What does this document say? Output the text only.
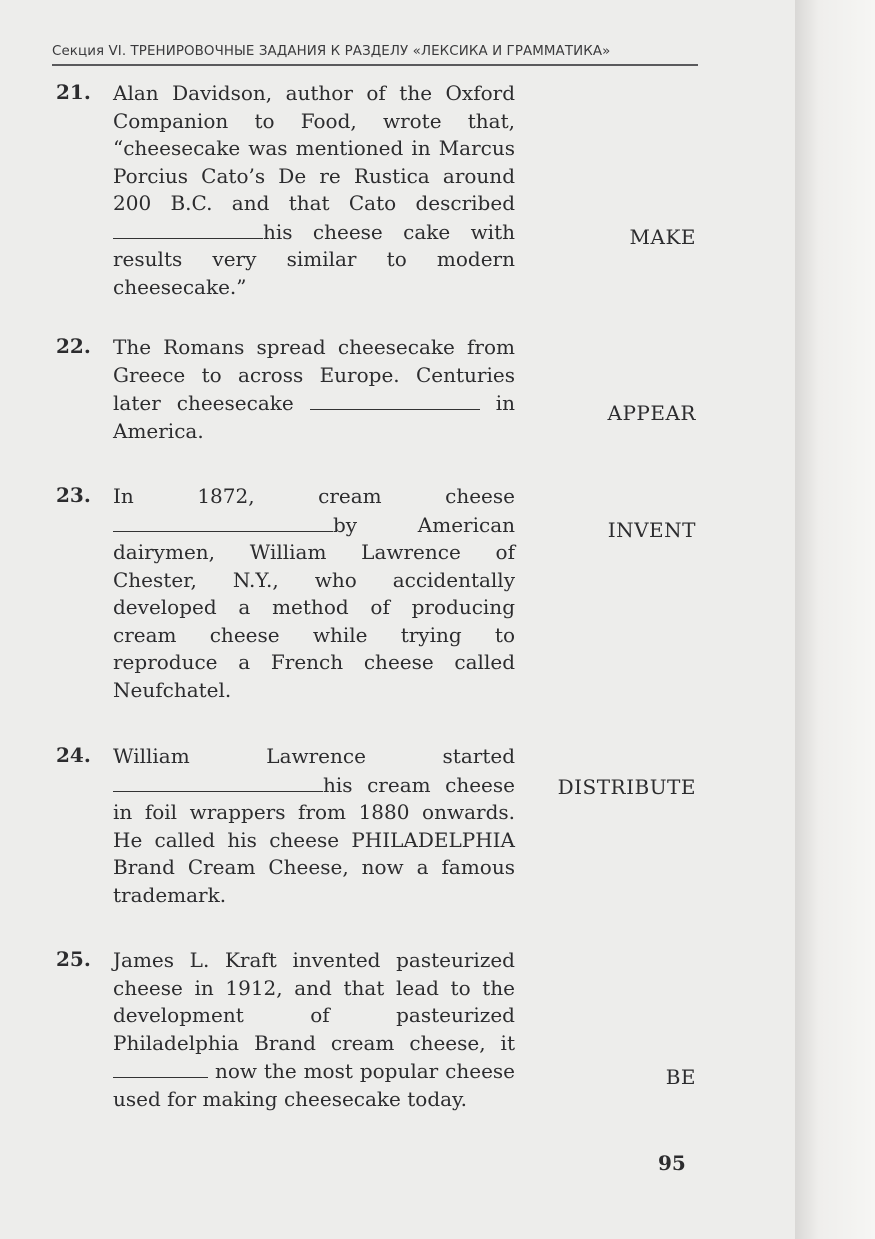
Секция VI. ТРЕНИРОВОЧНЫЕ ЗАДАНИЯ К РАЗДЕЛУ «ЛЕКСИКА И ГРАММАТИКА»
21. Alan Davidson, author of the Oxford Companion to Food, wrote that, “cheesecake was mentioned in Marcus Porcius Cato’s De re Rustica around 200 B.C. and that Cato described his cheese cake with results very similar to modern cheesecake.”
MAKE
22. The Romans spread cheesecake from Greece to across Europe. Centuries later cheesecake	in America.
APPEAR
23. In 1872, cream cheese by American dairymen, William Lawrence of Chester, N.Y., who accidentally developed a method of producing cream cheese while trying to reproduce a French cheese called Neufchatel.
INVENT
24. William Lawrence started his cream cheese in foil wrappers from 1880 onwards. He called his cheese PHILADELPHIA Brand Cream Cheese, now a famous trademark.
DISTRIBUTE
25. James L. Kraft invented pasteurized cheese in 1912, and that lead to the development of pasteurized Philadelphia Brand cream cheese, it  now the most popular cheese used for making cheesecake today.
BE
95
